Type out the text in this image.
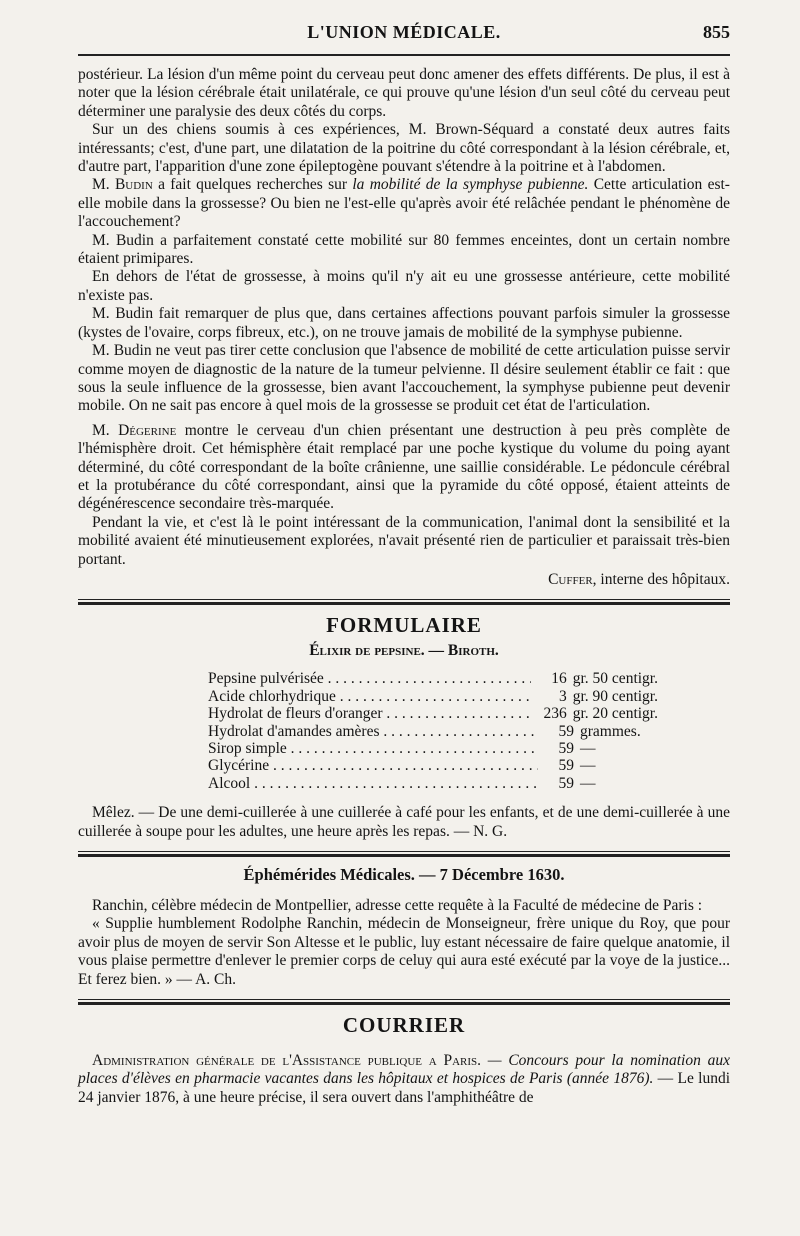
L'UNION MÉDICALE.	855

postérieur. La lésion d'un même point du cerveau peut donc amener des effets différents. De plus, il est à noter que la lésion cérébrale était unilatérale, ce qui prouve qu'une lésion d'un seul côté du cerveau peut déterminer une paralysie des deux côtés du corps.

Sur un des chiens soumis à ces expériences, M. Brown-Séquard a constaté deux autres faits intéressants; c'est, d'une part, une dilatation de la poitrine du côté correspondant à la lésion cérébrale, et, d'autre part, l'apparition d'une zone épileptogène pouvant s'étendre à la poitrine et à l'abdomen.

M. Budin a fait quelques recherches sur la mobilité de la symphyse pubienne. Cette articulation est-elle mobile dans la grossesse? Ou bien ne l'est-elle qu'après avoir été relâchée pendant le phénomène de l'accouchement?

M. Budin a parfaitement constaté cette mobilité sur 80 femmes enceintes, dont un certain nombre étaient primipares.

En dehors de l'état de grossesse, à moins qu'il n'y ait eu une grossesse antérieure, cette mobilité n'existe pas.

M. Budin fait remarquer de plus que, dans certaines affections pouvant parfois simuler la grossesse (kystes de l'ovaire, corps fibreux, etc.), on ne trouve jamais de mobilité de la symphyse pubienne.

M. Budin ne veut pas tirer cette conclusion que l'absence de mobilité de cette articulation puisse servir comme moyen de diagnostic de la nature de la tumeur pelvienne. Il désire seulement établir ce fait : que sous la seule influence de la grossesse, bien avant l'accouchement, la symphyse pubienne peut devenir mobile. On ne sait pas encore à quel mois de la grossesse se produit cet état de l'articulation.

M. Dégerine montre le cerveau d'un chien présentant une destruction à peu près complète de l'hémisphère droit. Cet hémisphère était remplacé par une poche kystique du volume du poing ayant déterminé, du côté correspondant de la boîte crânienne, une saillie considérable. Le pédoncule cérébral et la protubérance du côté correspondant, ainsi que la pyramide du côté opposé, étaient atteints de dégénérescence secondaire très-marquée.

Pendant la vie, et c'est là le point intéressant de la communication, l'animal dont la sensibilité et la mobilité avaient été minutieusement explorées, n'avait présenté rien de particulier et paraissait très-bien portant.

Cuffer, interne des hôpitaux.

FORMULAIRE
Élixir de pepsine. — Biroth.
Pepsine pulvérisée . . .	16 gr. 50 centigr.
Acide chlorhydrique . . .	3 gr. 90 centigr.
Hydrolat de fleurs d'oranger . . .	236 gr. 20 centigr.
Hydrolat d'amandes amères . . .	59 grammes.
Sirop simple . . .	59 —
Glycérine . . .	59 —
Alcool . . .	59 —

Mêlez. — De une demi-cuillerée à une cuillerée à café pour les enfants, et de une demi-cuillerée à une cuillerée à soupe pour les adultes, une heure après les repas. — N. G.

Éphémérides Médicales. — 7 Décembre 1630.

Ranchin, célèbre médecin de Montpellier, adresse cette requête à la Faculté de médecine de Paris :

« Supplie humblement Rodolphe Ranchin, médecin de Monseigneur, frère unique du Roy, que pour avoir plus de moyen de servir Son Altesse et le public, luy estant nécessaire de faire quelque anatomie, il vous plaise permettre d'enlever le premier corps de celuy qui aura esté exécuté par la voye de la justice... Et ferez bien. » — A. Ch.

COURRIER

Administration générale de l'Assistance publique a Paris. — Concours pour la nomination aux places d'élèves en pharmacie vacantes dans les hôpitaux et hospices de Paris (année 1876). — Le lundi 24 janvier 1876, à une heure précise, il sera ouvert dans l'amphithéâtre de
